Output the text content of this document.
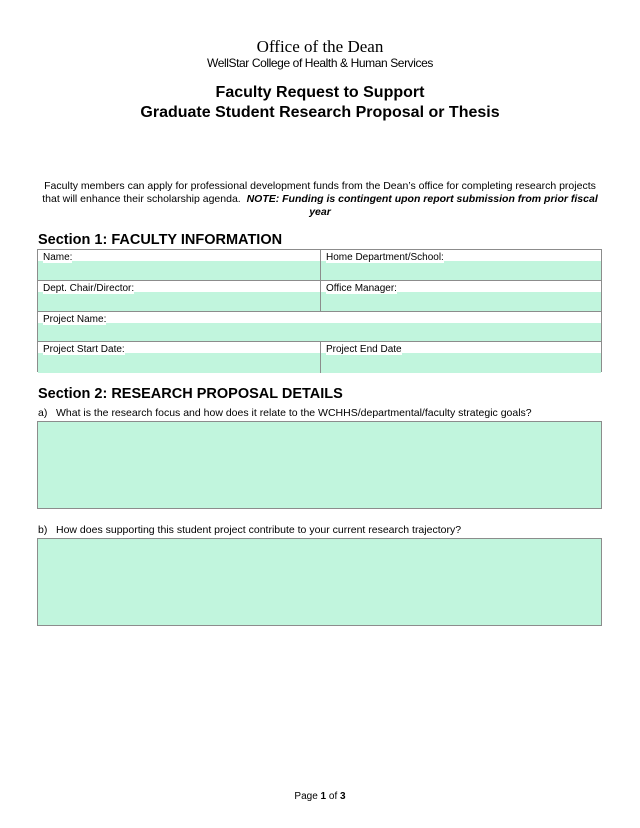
Office of the Dean
WellStar College of Health & Human Services
Faculty Request to Support
Graduate Student Research Proposal or Thesis
Faculty members can apply for professional development funds from the Dean’s office for completing research projects that will enhance their scholarship agenda. NOTE: Funding is contingent upon report submission from prior fiscal year
Section 1: FACULTY INFORMATION
Name:	Home Department/School:
Dept. Chair/Director:	Office Manager:
Project Name:
Project Start Date:	Project End Date
Section 2: RESEARCH PROPOSAL DETAILS
a) What is the research focus and how does it relate to the WCHHS/departmental/faculty strategic goals?
b) How does supporting this student project contribute to your current research trajectory?
Page 1 of 3
